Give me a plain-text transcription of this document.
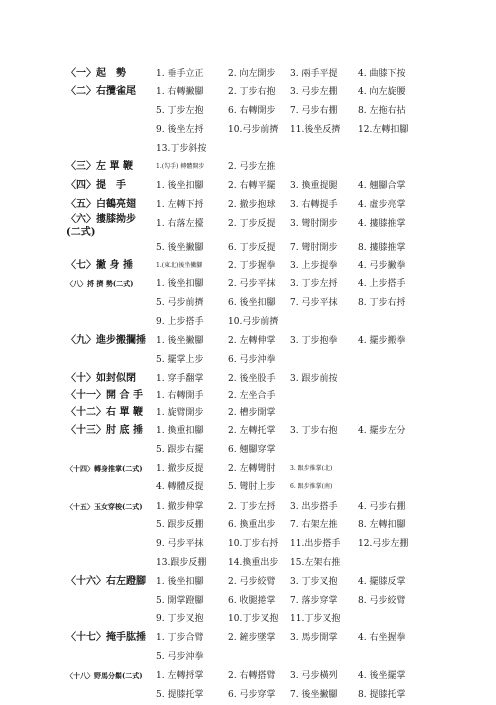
〈一〉起　勢	1. 垂手立正	2. 向左開步 3. 兩手平提 4. 曲膝下按
〈二〉右攬雀尾	1. 右轉撇腳	2. 丁步右抱 3. 弓步左掤 4. 向左旋腰
5. 丁步左抱	6. 右轉開步 7. 弓步右掤 8. 左拖右拈
9. 後坐左捋	10.弓步前擠 11.後坐反擠 12.左轉扣腳
13.丁步斜按
〈三〉左 單 鞭	1.(勾手) 轉體開步	2. 弓步左推
〈四〉提　手	1. 後坐扣腳	2. 右轉平擺 3. 換重提腿 4. 翹腳合掌
〈五〉白鶴亮翅	1. 左轉下捋	2. 撤步抱球 3. 右轉提手 4. 虛步亮掌
〈六〉摟膝拗步(二式)
1. 右落左擡	2. 丁步反提 3. 彎肘開步 4. 摟膝推掌
5. 後坐撇腳	6. 丁步反提 7. 彎肘開步 8. 摟膝推掌
〈七〉撇 身 捶	1.(東北)後坐撇腳	2. 丁步握拳 3. 上步提拳 4. 弓步撇拳
〈八〉捋 擠 勢(二式)	1. 後坐扣腳	2. 弓步平抹 3. 丁步左捋 4. 上步搭手
5. 弓步前擠	6. 後坐扣腳 7. 弓步平抹 8. 丁步右捋
9. 上步搭手	10.弓步前擠
〈九〉進步搬攔捶	1. 後坐撇腳	2. 左轉伸掌 3. 丁步抱拳 4. 擺步搬拳
5. 擺掌上步	6. 弓步沖拳
〈十〉如封似閉	1. 穿手翻掌	2. 後坐股手 3. 跟步前按
〈十一〉開 合 手	1. 右轉開手	2. 左坐合手
〈十二〉右 單 鞭	1. 旋臂開步	2. 槽步開掌
〈十三〉肘 底 捶	1. 換重扣腳	2. 左轉托掌 3. 丁步右抱 4. 擺步左分
5. 跟步右擺	6. 翹腳穿掌
〈十四〉轉身推掌(二式)	1. 撤步反提	2. 左轉彎肘 3. 跟步推掌(北)
4. 轉體反提	5. 彎肘上步 6. 跟步推掌(南)
〈十五〉玉女穿梭(二式)	1. 撤步伸掌	2. 丁步左捋 3. 出步搭手 4. 弓步右掤
5. 跟步反掤	6. 換重出步 7. 右架左推 8. 左轉扣腳
9. 弓步平抹	10.丁步右捋 11.出步搭手 12.弓步左掤
13.跟步反掤 14.換重出步 15.左架右推
〈十六〉右左蹬腳	1. 後坐扣腳	2. 弓步絞臂 3. 丁步叉抱 4. 擺膝反掌
5. 開掌蹬腳	6. 收腿捲掌 7. 落步穿掌 8. 弓步絞臂
9. 丁步叉抱	10.丁步叉抱 11.丁步叉抱
〈十七〉掩手肱捶	1. 丁步合臂	2. 鏟步墜掌 3. 馬步開掌 4. 右坐握拳
5. 弓步沖拳
〈十八〉野馬分鬃(二式)	1. 左轉捋掌	2. 右轉搭臂 3. 弓步橫列 4. 後坐擺掌
5. 提膝托掌	6. 弓步穿掌 7. 後坐撇腳 8. 提膝托掌
